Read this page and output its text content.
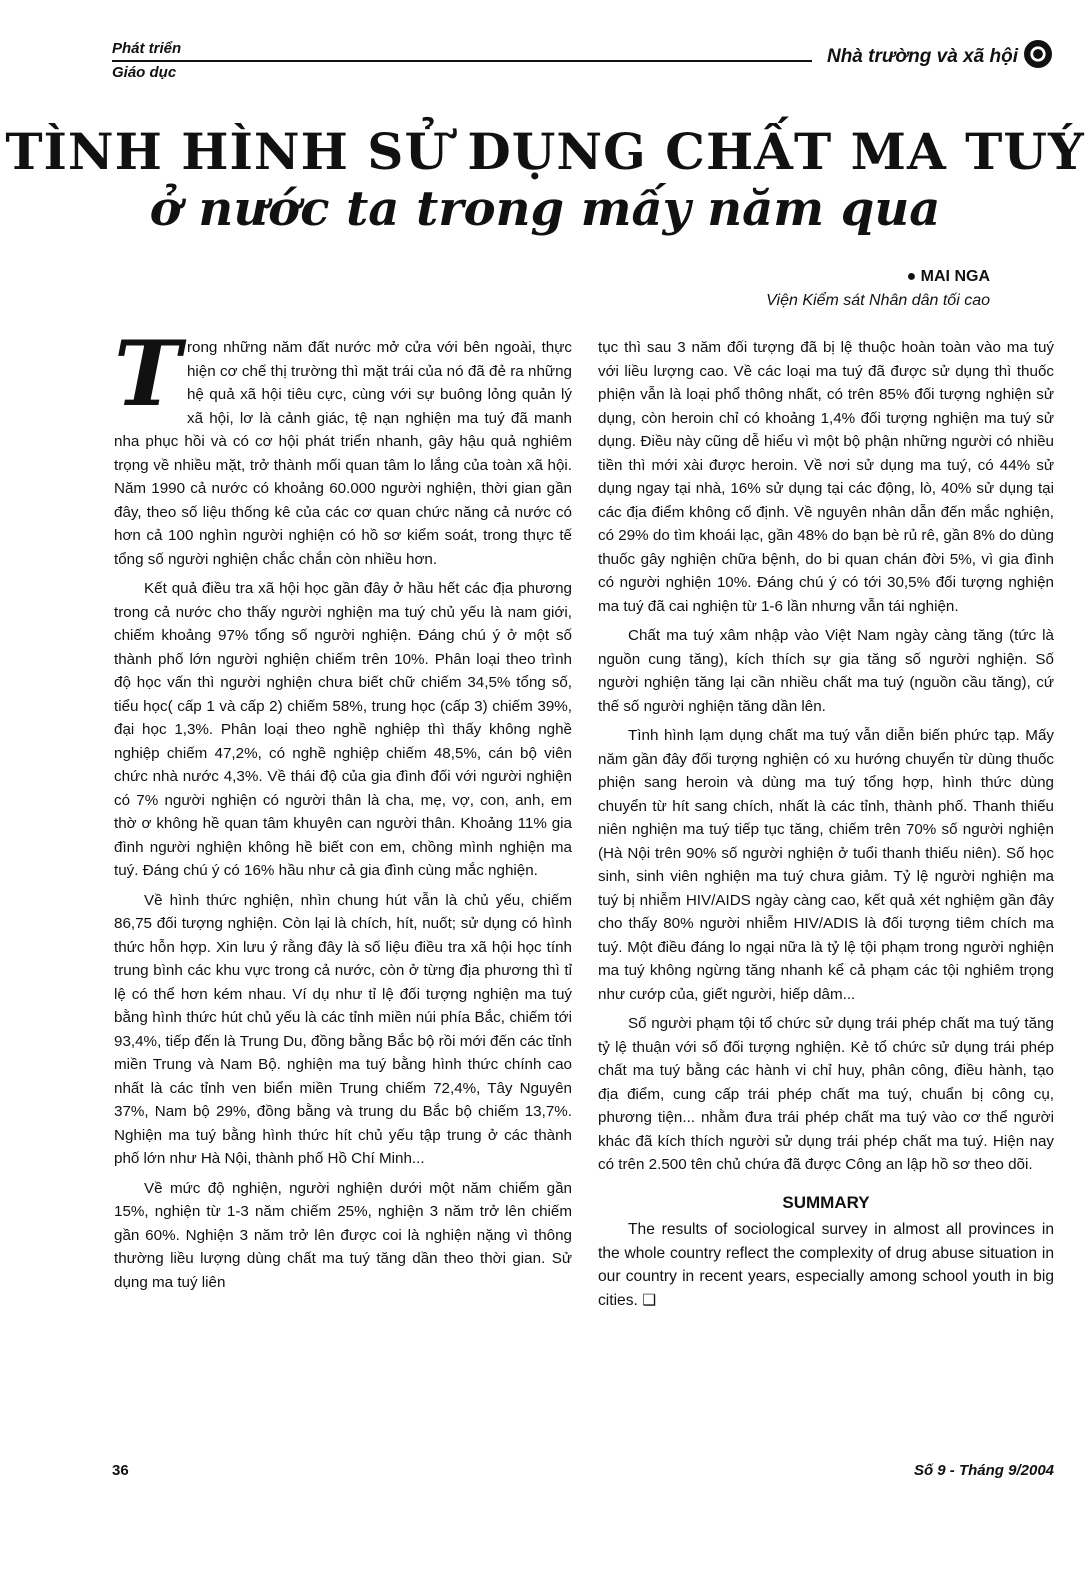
Phát triển
Giáo dục
Nhà trường và xã hội
TÌNH HÌNH SỬ DỤNG CHẤT MA TUÝ
ở nước ta trong mấy năm qua
● MAI NGA
Viện Kiểm sát Nhân dân tối cao

Trong những năm đất nước mở cửa với bên ngoài, thực hiện cơ chế thị trường thì mặt trái của nó đã đẻ ra những hệ quả xã hội tiêu cực, cùng với sự buông lỏng quản lý xã hội, lơ là cảnh giác, tệ nạn nghiện ma tuý đã manh nha phục hồi và có cơ hội phát triển nhanh, gây hậu quả nghiêm trọng về nhiều mặt, trở thành mối quan tâm lo lắng của toàn xã hội. Năm 1990 cả nước có khoảng 60.000 người nghiện, thời gian gần đây, theo số liệu thống kê của các cơ quan chức năng cả nước có hơn cả 100 nghìn người nghiện có hồ sơ kiểm soát, trong thực tế tổng số người nghiện chắc chắn còn nhiều hơn.

Kết quả điều tra xã hội học gần đây ở hầu hết các địa phương trong cả nước cho thấy người nghiện ma tuý chủ yếu là nam giới, chiếm khoảng 97% tổng số người nghiện. Đáng chú ý ở một số thành phố lớn người nghiện chiếm trên 10%. Phân loại theo trình độ học vấn thì người nghiện chưa biết chữ chiếm 34,5% tổng số, tiểu học( cấp 1 và cấp 2) chiếm 58%, trung học (cấp 3) chiếm 39%, đại học 1,3%. Phân loại theo nghề nghiệp thì thấy không nghề nghiệp chiếm 47,2%, có nghề nghiệp chiếm 48,5%, cán bộ viên chức nhà nước 4,3%. Về thái độ của gia đình đối với người nghiện có 7% người nghiện có người thân là cha, mẹ, vợ, con, anh, em thờ ơ không hề quan tâm khuyên can người thân. Khoảng 11% gia đình người nghiện không hề biết con em, chồng mình nghiện ma tuý. Đáng chú ý có 16% hầu như cả gia đình cùng mắc nghiện.

Về hình thức nghiện, nhìn chung hút vẫn là chủ yếu, chiếm 86,75 đối tượng nghiện. Còn lại là chích, hít, nuốt; sử dụng có hình thức hỗn hợp. Xin lưu ý rằng đây là số liệu điều tra xã hội học tính trung bình các khu vực trong cả nước, còn ở từng địa phương thì tỉ lệ có thể hơn kém nhau. Ví dụ như tỉ lệ đối tượng nghiện ma tuý bằng hình thức hút chủ yếu là các tỉnh miền núi phía Bắc, chiếm tới 93,4%, tiếp đến là Trung Du, đồng bằng Bắc bộ rồi mới đến các tỉnh miền Trung và Nam Bộ. nghiện ma tuý bằng hình thức chính cao nhất là các tỉnh ven biển miền Trung chiếm 72,4%, Tây Nguyên 37%, Nam bộ 29%, đồng bằng và trung du Bắc bộ chiếm 13,7%. Nghiện ma tuý bằng hình thức hít chủ yếu tập trung ở các thành phố lớn như Hà Nội, thành phố Hồ Chí Minh...

Về mức độ nghiện, người nghiện dưới một năm chiếm gần 15%, nghiện từ 1-3 năm chiếm 25%, nghiện 3 năm trở lên chiếm gần 60%. Nghiện 3 năm trở lên được coi là nghiện nặng vì thông thường liều lượng dùng chất ma tuý tăng dần theo thời gian. Sử dụng ma tuý liên

tục thì sau 3 năm đối tượng đã bị lệ thuộc hoàn toàn vào ma tuý với liều lượng cao. Về các loại ma tuý đã được sử dụng thì thuốc phiện vẫn là loại phổ thông nhất, có trên 85% đối tượng nghiện sử dụng, còn heroin chỉ có khoảng 1,4% đối tượng nghiện ma tuý sử dụng. Điều này cũng dễ hiểu vì một bộ phận những người có nhiều tiền thì mới xài được heroin. Về nơi sử dụng ma tuý, có 44% sử dụng ngay tại nhà, 16% sử dụng tại các động, lò, 40% sử dụng tại các địa điểm không cố định. Về nguyên nhân dẫn đến mắc nghiện, có 29% do tìm khoái lạc, gần 48% do bạn bè rủ rê, gần 8% do dùng thuốc gây nghiện chữa bệnh, do bi quan chán đời 5%, vì gia đình có người nghiện 10%. Đáng chú ý có tới 30,5% đối tượng nghiện ma tuý đã cai nghiện từ 1-6 lần nhưng vẫn tái nghiện.

Chất ma tuý xâm nhập vào Việt Nam ngày càng tăng (tức là nguồn cung tăng), kích thích sự gia tăng số người nghiện. Số người nghiện tăng lại cần nhiều chất ma tuý (nguồn cầu tăng), cứ thế số người nghiện tăng dần lên.

Tình hình lạm dụng chất ma tuý vẫn diễn biến phức tạp. Mấy năm gần đây đối tượng nghiện có xu hướng chuyển từ dùng thuốc phiện sang heroin và dùng ma tuý tổng hợp, hình thức dùng chuyển từ hít sang chích, nhất là các tỉnh, thành phố. Thanh thiếu niên nghiện ma tuý tiếp tục tăng, chiếm trên 70% số người nghiện (Hà Nội trên 90% số người nghiện ở tuổi thanh thiếu niên). Số học sinh, sinh viên nghiện ma tuý chưa giảm. Tỷ lệ người nghiện ma tuý bị nhiễm HIV/AIDS ngày càng cao, kết quả xét nghiệm gần đây cho thấy 80% người nhiễm HIV/ADIS là đối tượng tiêm chích ma tuý. Một điều đáng lo ngại nữa là tỷ lệ tội phạm trong người nghiện ma tuý không ngừng tăng nhanh kể cả phạm các tội nghiêm trọng như cướp của, giết người, hiếp dâm...

Số người phạm tội tổ chức sử dụng trái phép chất ma tuý tăng tỷ lệ thuận với số đối tượng nghiện. Kẻ tổ chức sử dụng trái phép chất ma tuý bằng các hành vi chỉ huy, phân công, điều hành, tạo địa điểm, cung cấp trái phép chất ma tuý, chuẩn bị công cụ, phương tiện... nhằm đưa trái phép chất ma tuý vào cơ thể người khác đã kích thích người sử dụng trái phép chất ma tuý. Hiện nay có trên 2.500 tên chủ chứa đã được Công an lập hồ sơ theo dõi.

SUMMARY

The results of sociological survey in almost all provinces in the whole country reflect the complexity of drug abuse situation in our country in recent years, especially among school youth in big cities. ❑

36	Số 9 - Tháng 9/2004
